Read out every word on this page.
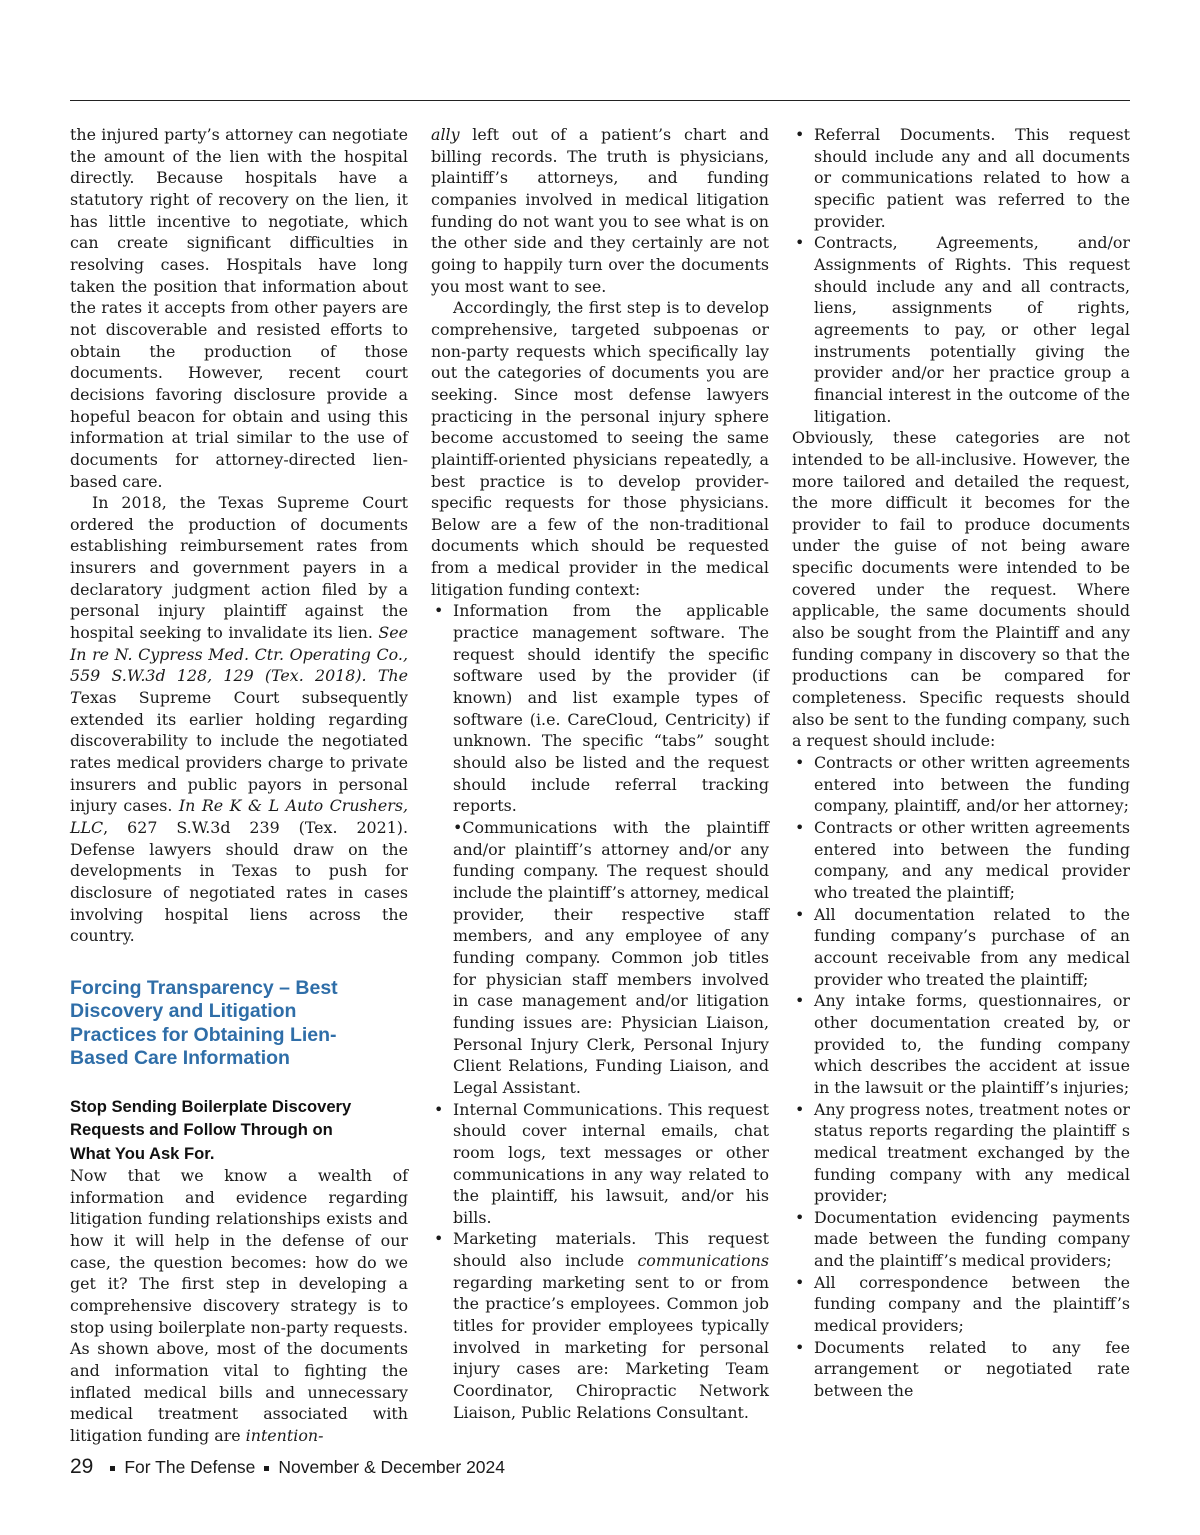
the injured party’s attorney can negotiate the amount of the lien with the hospital directly. Because hospitals have a statutory right of recovery on the lien, it has little incentive to negotiate, which can create significant difficulties in resolving cases. Hospitals have long taken the position that information about the rates it accepts from other payers are not discoverable and resisted efforts to obtain the production of those documents. However, recent court decisions favoring disclosure provide a hopeful beacon for obtain and using this information at trial similar to the use of documents for attorney-directed lien-based care.

In 2018, the Texas Supreme Court ordered the production of documents establishing reimbursement rates from insurers and government payers in a declaratory judgment action filed by a personal injury plaintiff against the hospital seeking to invalidate its lien. See In re N. Cypress Med. Ctr. Operating Co., 559 S.W.3d 128, 129 (Tex. 2018). The Texas Supreme Court subsequently extended its earlier holding regarding discoverability to include the negotiated rates medical providers charge to private insurers and public payors in personal injury cases. In Re K & L Auto Crushers, LLC, 627 S.W.3d 239 (Tex. 2021). Defense lawyers should draw on the developments in Texas to push for disclosure of negotiated rates in cases involving hospital liens across the country.

Forcing Transparency – Best Discovery and Litigation Practices for Obtaining Lien-Based Care Information

Stop Sending Boilerplate Discovery Requests and Follow Through on What You Ask For.

Now that we know a wealth of information and evidence regarding litigation funding relationships exists and how it will help in the defense of our case, the question becomes: how do we get it? The first step in developing a comprehensive discovery strategy is to stop using boilerplate non-party requests. As shown above, most of the documents and information vital to fighting the inflated medical bills and unnecessary medical treatment associated with litigation funding are intention-

ally left out of a patient’s chart and billing records. The truth is physicians, plaintiff’s attorneys, and funding companies involved in medical litigation funding do not want you to see what is on the other side and they certainly are not going to happily turn over the documents you most want to see.

Accordingly, the first step is to develop comprehensive, targeted subpoenas or non-party requests which specifically lay out the categories of documents you are seeking. Since most defense lawyers practicing in the personal injury sphere become accustomed to seeing the same plaintiff-oriented physicians repeatedly, a best practice is to develop provider-specific requests for those physicians. Below are a few of the non-traditional documents which should be requested from a medical provider in the medical litigation funding context:

• Information from the applicable practice management software. The request should identify the specific software used by the provider (if known) and list example types of software (i.e. CareCloud, Centricity) if unknown. The specific “tabs” sought should also be listed and the request should include referral tracking reports.
•Communications with the plaintiff and/or plaintiff’s attorney and/or any funding company. The request should include the plaintiff’s attorney, medical provider, their respective staff members, and any employee of any funding company. Common job titles for physician staff members involved in case management and/or litigation funding issues are: Physician Liaison, Personal Injury Clerk, Personal Injury Client Relations, Funding Liaison, and Legal Assistant.
• Internal Communications. This request should cover internal emails, chat room logs, text messages or other communications in any way related to the plaintiff, his lawsuit, and/or his bills.
• Marketing materials. This request should also include communications regarding marketing sent to or from the practice’s employees. Common job titles for provider employees typically involved in marketing for personal injury cases are: Marketing Team Coordinator, Chiropractic Network Liaison, Public Relations Consultant.
• Referral Documents. This request should include any and all documents or communications related to how a specific patient was referred to the provider.
• Contracts, Agreements, and/or Assignments of Rights. This request should include any and all contracts, liens, assignments of rights, agreements to pay, or other legal instruments potentially giving the provider and/or her practice group a financial interest in the outcome of the litigation.

Obviously, these categories are not intended to be all-inclusive. However, the more tailored and detailed the request, the more difficult it becomes for the provider to fail to produce documents under the guise of not being aware specific documents were intended to be covered under the request. Where applicable, the same documents should also be sought from the Plaintiff and any funding company in discovery so that the productions can be compared for completeness. Specific requests should also be sent to the funding company, such a request should include:

• Contracts or other written agreements entered into between the funding company, plaintiff, and/or her attorney;
• Contracts or other written agreements entered into between the funding company, and any medical provider who treated the plaintiff;
• All documentation related to the funding company’s purchase of an account receivable from any medical provider who treated the plaintiff;
• Any intake forms, questionnaires, or other documentation created by, or provided to, the funding company which describes the accident at issue in the lawsuit or the plaintiff’s injuries;
• Any progress notes, treatment notes or status reports regarding the plaintiff s medical treatment exchanged by the funding company with any medical provider;
• Documentation evidencing payments made between the funding company and the plaintiff’s medical providers;
• All correspondence between the funding company and the plaintiff’s medical providers;
• Documents related to any fee arrangement or negotiated rate between the
29 For The Defense November & December 2024
